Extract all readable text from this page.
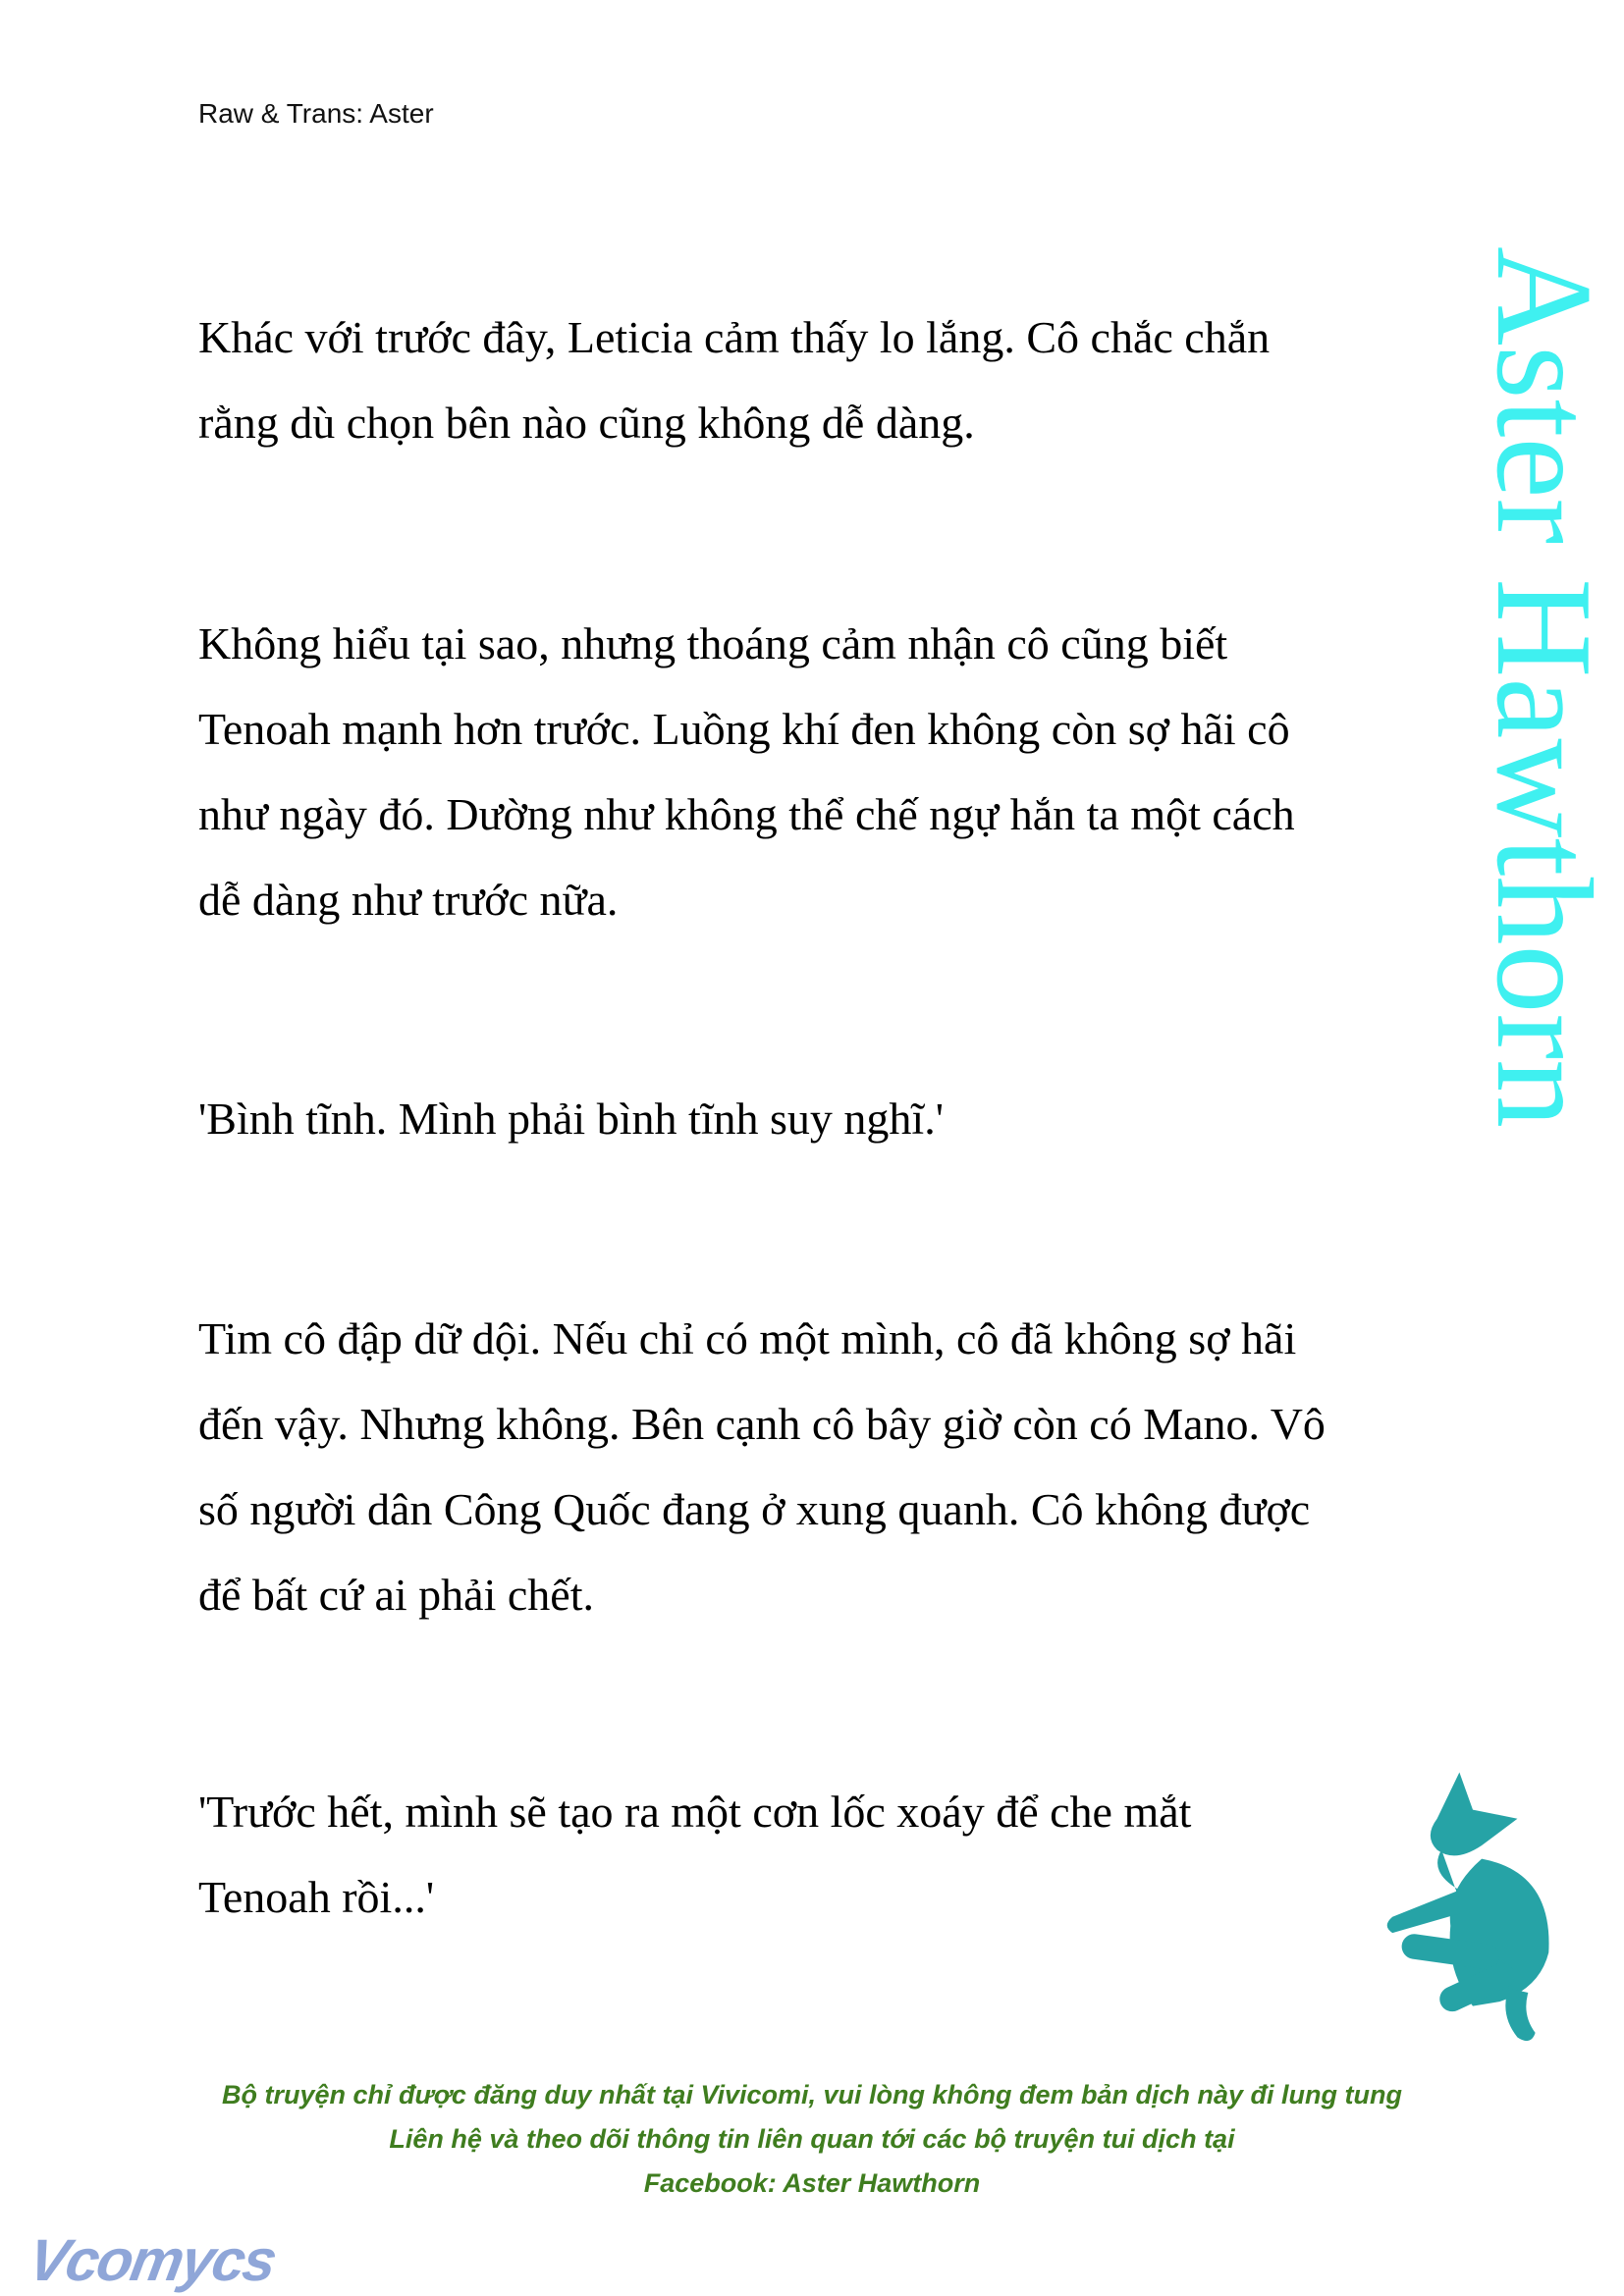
Raw & Trans: Aster
Khác với trước đây, Leticia cảm thấy lo lắng. Cô chắc chắn
rằng dù chọn bên nào cũng không dễ dàng.
Không hiểu tại sao, nhưng thoáng cảm nhận cô cũng biết
Tenoah mạnh hơn trước. Luồng khí đen không còn sợ hãi cô
như ngày đó. Dường như không thể chế ngự hắn ta một cách
dễ dàng như trước nữa.
'Bình tĩnh. Mình phải bình tĩnh suy nghĩ.'
Tim cô đập dữ dội. Nếu chỉ có một mình, cô đã không sợ hãi
đến vậy. Nhưng không. Bên cạnh cô bây giờ còn có Mano. Vô
số người dân Công Quốc đang ở xung quanh. Cô không được
để bất cứ ai phải chết.
'Trước hết, mình sẽ tạo ra một cơn lốc xoáy để che mắt
Tenoah rồi...'
Aster Hawthorn
Bộ truyện chỉ được đăng duy nhất tại Vivicomi, vui lòng không đem bản dịch này đi lung tung
Liên hệ và theo dõi thông tin liên quan tới các bộ truyện tui dịch tại
Facebook: Aster Hawthorn
Vcomycs
